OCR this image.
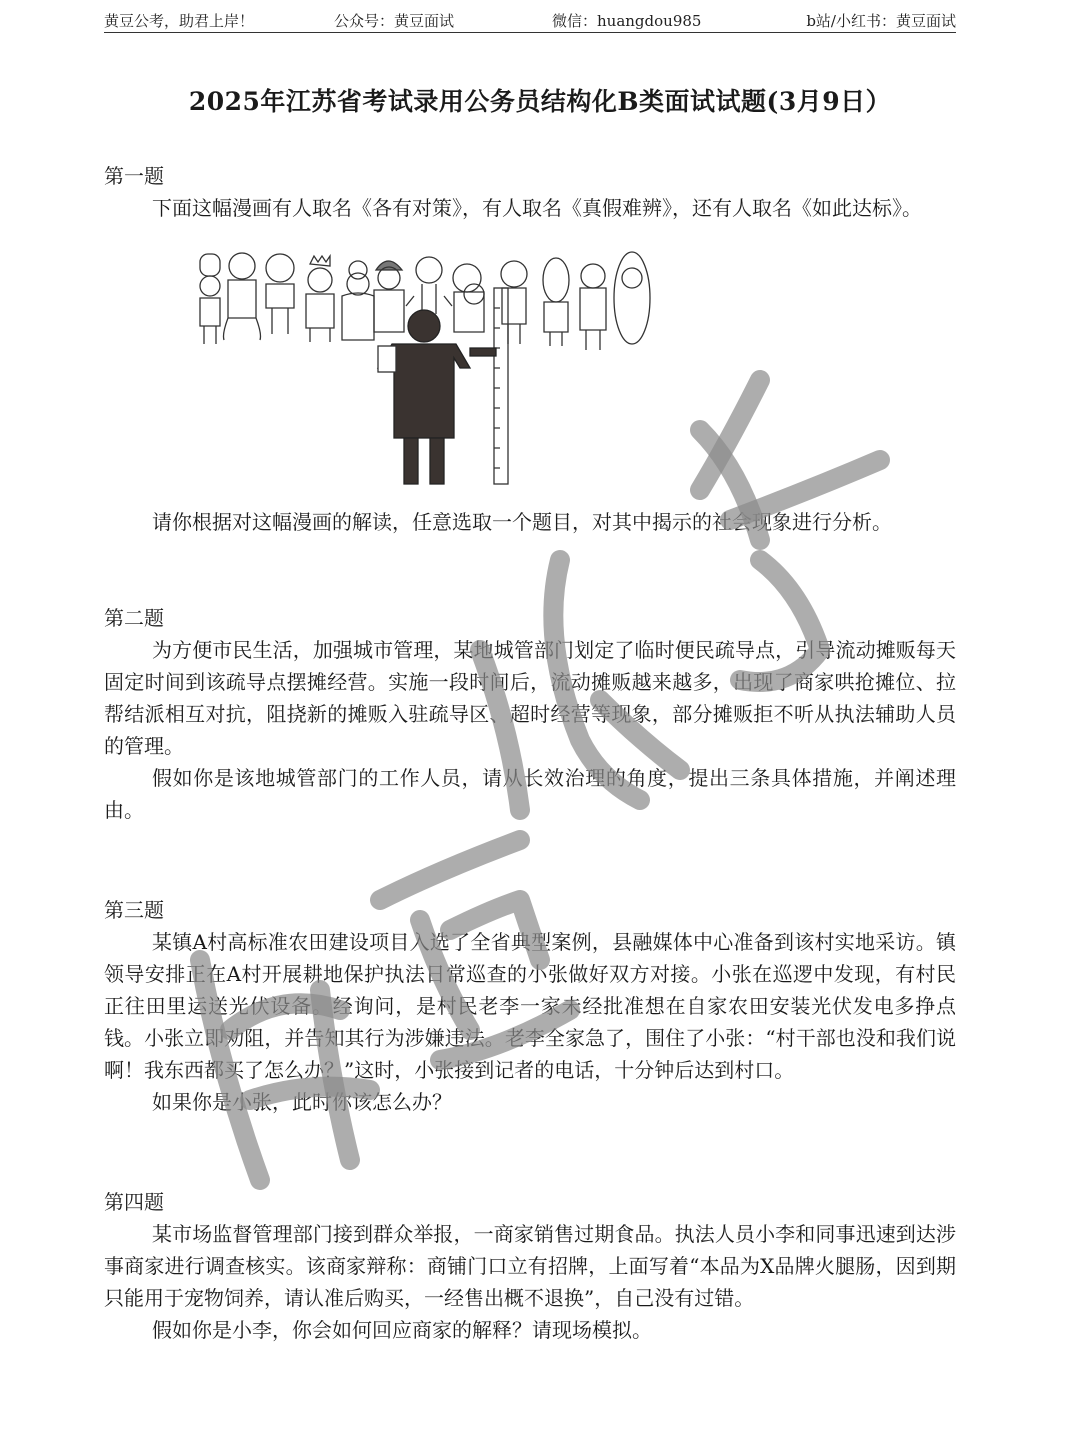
黄豆公考，助君上岸！	公众号：黄豆面试	微信：huangdou985	b站/小红书：黄豆面试
2025年江苏省考试录用公务员结构化B类面试试题(3月9日）

第一题

下面这幅漫画有人取名《各有对策》，有人取名《真假难辨》，还有人取名《如此达标》。

请你根据对这幅漫画的解读，任意选取一个题目，对其中揭示的社会现象进行分析。

第二题

为方便市民生活，加强城市管理，某地城管部门划定了临时便民疏导点，引导流动摊贩每天固定时间到该疏导点摆摊经营。实施一段时间后，流动摊贩越来越多，出现了商家哄抢摊位、拉帮结派相互对抗，阻挠新的摊贩入驻疏导区、超时经营等现象，部分摊贩拒不听从执法辅助人员的管理。

假如你是该地城管部门的工作人员，请从长效治理的角度，提出三条具体措施，并阐述理由。

第三题

某镇A村高标准农田建设项目入选了全省典型案例，县融媒体中心准备到该村实地采访。镇领导安排正在A村开展耕地保护执法日常巡查的小张做好双方对接。小张在巡逻中发现，有村民正往田里运送光伏设备。经询问，是村民老李一家未经批准想在自家农田安装光伏发电多挣点钱。小张立即劝阻，并告知其行为涉嫌违法。老李全家急了，围住了小张：“村干部也没和我们说啊！我东西都买了怎么办？”这时，小张接到记者的电话，十分钟后达到村口。

如果你是小张，此时你该怎么办？

第四题

某市场监督管理部门接到群众举报，一商家销售过期食品。执法人员小李和同事迅速到达涉事商家进行调查核实。该商家辩称：商铺门口立有招牌，上面写着“本品为X品牌火腿肠，因到期只能用于宠物饲养，请认准后购买，一经售出概不退换”，自己没有过错。

假如你是小李，你会如何回应商家的解释？请现场模拟。
